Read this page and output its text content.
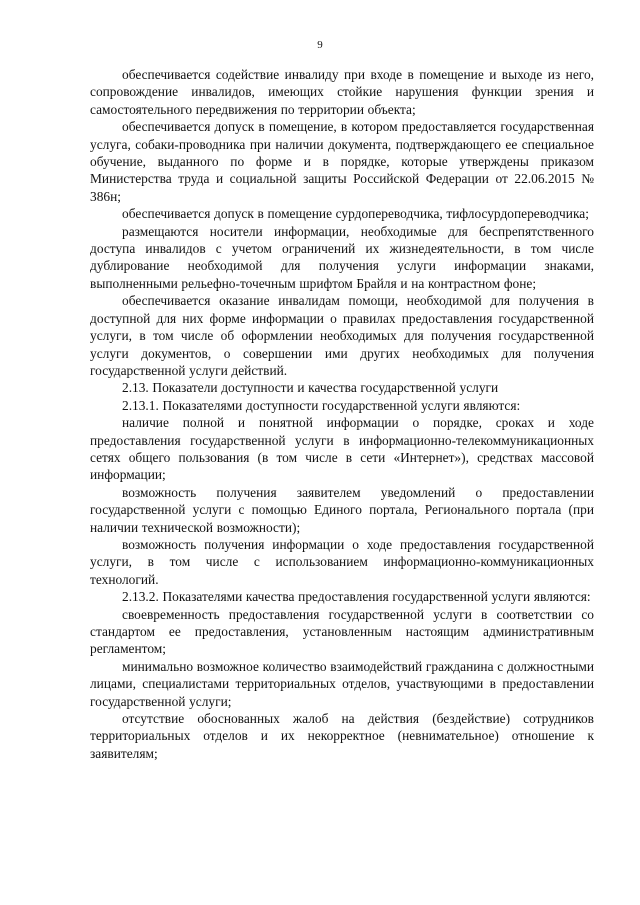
9

обеспечивается содействие инвалиду при входе в помещение и выходе из него, сопровождение инвалидов, имеющих стойкие нарушения функции зрения и самостоятельного передвижения по территории объекта;

обеспечивается допуск в помещение, в котором предоставляется государственная услуга, собаки-проводника при наличии документа, подтверждающего ее специальное обучение, выданного по форме и в порядке, которые утверждены приказом Министерства труда и социальной защиты Российской Федерации от 22.06.2015 № 386н;

обеспечивается допуск в помещение сурдопереводчика, тифлосурдопереводчика;

размещаются носители информации, необходимые для беспрепятственного доступа инвалидов с учетом ограничений их жизнедеятельности, в том числе дублирование необходимой для получения услуги информации знаками, выполненными рельефно-точечным шрифтом Брайля и на контрастном фоне;

обеспечивается оказание инвалидам помощи, необходимой для получения в доступной для них форме информации о правилах предоставления государственной услуги, в том числе об оформлении необходимых для получения государственной услуги документов, о совершении ими других необходимых для получения государственной услуги действий.

2.13. Показатели доступности и качества государственной услуги

2.13.1. Показателями доступности государственной услуги являются:

наличие полной и понятной информации о порядке, сроках и ходе предоставления государственной услуги в информационно-телекоммуникационных сетях общего пользования (в том числе в сети «Интернет»), средствах массовой информации;

возможность получения заявителем уведомлений о предоставлении государственной услуги с помощью Единого портала, Регионального портала (при наличии технической возможности);

возможность получения информации о ходе предоставления государственной услуги, в том числе с использованием информационно-коммуникационных технологий.

2.13.2. Показателями качества предоставления государственной услуги являются:

своевременность предоставления государственной услуги в соответствии со стандартом ее предоставления, установленным настоящим административным регламентом;

минимально возможное количество взаимодействий гражданина с должностными лицами, специалистами территориальных отделов, участвующими в предоставлении государственной услуги;

отсутствие обоснованных жалоб на действия (бездействие) сотрудников территориальных отделов и их некорректное (невнимательное) отношение к заявителям;
